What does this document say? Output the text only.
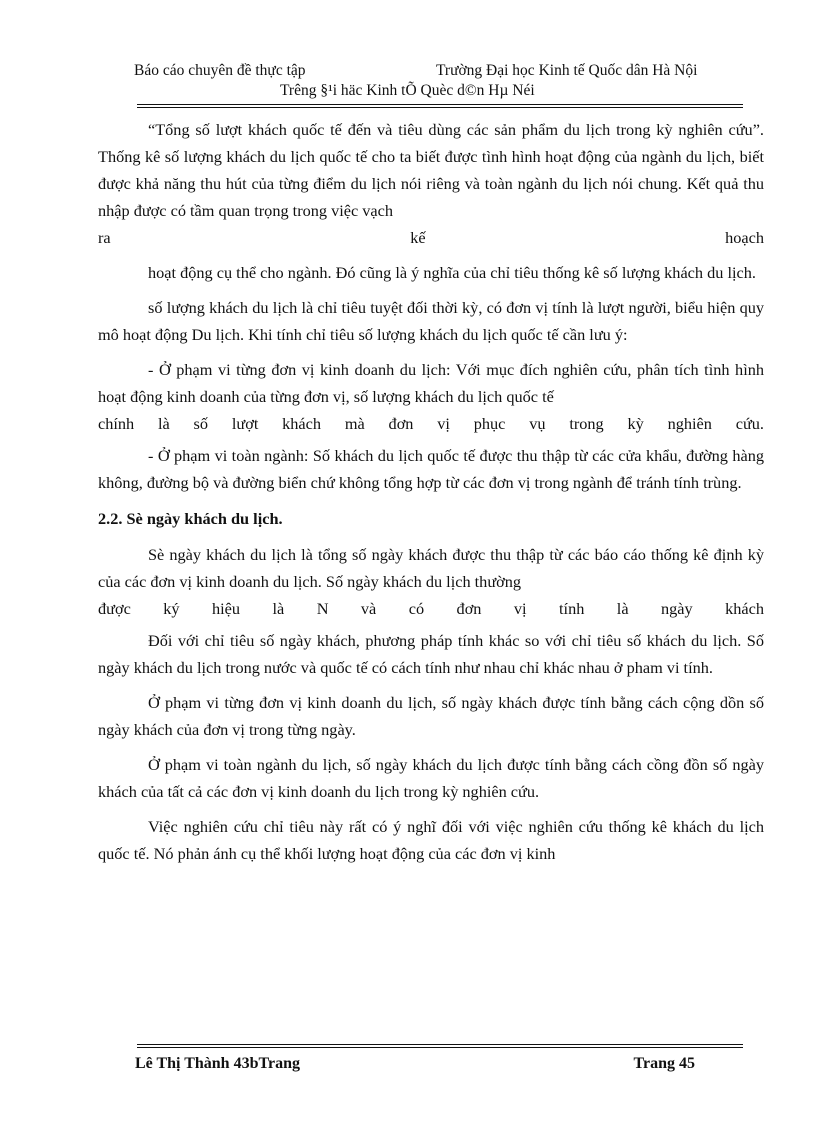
Báo cáo chuyên đề thực tập	Trường Đại học Kinh tế Quốc dân Hà Nội
Trêng §¹i häc Kinh tÕ Quèc d©n Hµ Néi

“Tổng số lượt khách quốc tế đến và tiêu dùng các sản phẩm du lịch trong kỳ nghiên cứu”. Thống kê số lượng khách du lịch quốc tế cho ta biết được tình hình hoạt động của ngành du lịch, biết được khả năng thu hút của từng điểm du lịch nói riêng và toàn ngành du lịch nói chung. Kết quả thu nhập được có tầm quan trọng trong việc vạch

ra kế hoạch

hoạt động cụ thể cho ngành. Đó cũng là ý nghĩa của chỉ tiêu thống kê số lượng khách du lịch.

số lượng khách du lịch là chỉ tiêu tuyệt đối thời kỳ, có đơn vị tính là lượt người, biểu hiện quy mô hoạt động Du lịch. Khi tính chỉ tiêu số lượng khách du lịch quốc tế cần lưu ý:

- Ở phạm vi từng đơn vị kinh doanh du lịch: Với mục đích nghiên cứu, phân tích tình hình hoạt động kinh doanh của từng đơn vị, số lượng khách du lịch quốc tế

chính là số lượt khách mà đơn vị phục vụ trong kỳ nghiên cứu.

- Ở phạm vi toàn ngành: Số khách du lịch quốc tế được thu thập từ các cửa khẩu, đường hàng không, đường bộ và đường biển chứ không tổng hợp từ các đơn vị trong ngành để tránh tính trùng.

2.2. Sè ngày khách du lịch.

Sè ngày khách du lịch là tổng số ngày khách được thu thập từ các báo cáo thống kê định kỳ của các đơn vị kinh doanh du lịch. Số ngày khách du lịch thường

được ký hiệu là N và có đơn vị tính là ngày khách

Đối với chỉ tiêu số ngày khách, phương pháp tính khác so với chỉ tiêu số khách du lịch. Số ngày khách du lịch trong nước và quốc tế có cách tính như nhau chỉ khác nhau ở pham vi tính.

Ở phạm vi từng đơn vị kinh doanh du lịch, số ngày khách được tính bằng cách cộng dồn số ngày khách của đơn vị trong từng ngày.

Ở phạm vi toàn ngành du lịch, số ngày khách du lịch được tính bằng cách cồng đồn số ngày khách của tất cả các đơn vị kinh doanh du lịch trong kỳ nghiên cứu.

Việc nghiên cứu chỉ tiêu này rất có ý nghĩ đối với việc nghiên cứu thống kê khách du lịch quốc tế. Nó phản ánh cụ thể khối lượng hoạt động của các đơn vị kinh

Lê Thị Thành 43bTrang	Trang 45
